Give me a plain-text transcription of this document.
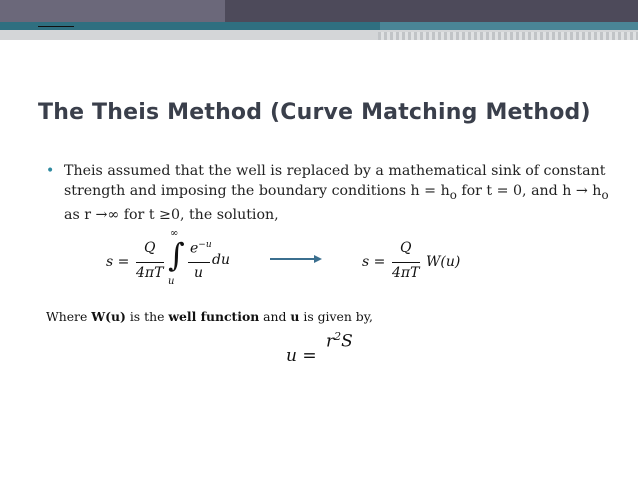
The Theis Method (Curve Matching Method)
• Theis assumed that the well is replaced by a mathematical sink of constant
strength and imposing the boundary conditions $h = h_o$ for t = 0, and $h \to h_o$
as r →∞ for t ≥0, the solution,
s =
Q
4πT
∞
∫
u
$e^{-u}$
u
du	s =
Q
4πT
W(u)
Where W(u) is the well function and u is given by,
u =
$r^2S$
